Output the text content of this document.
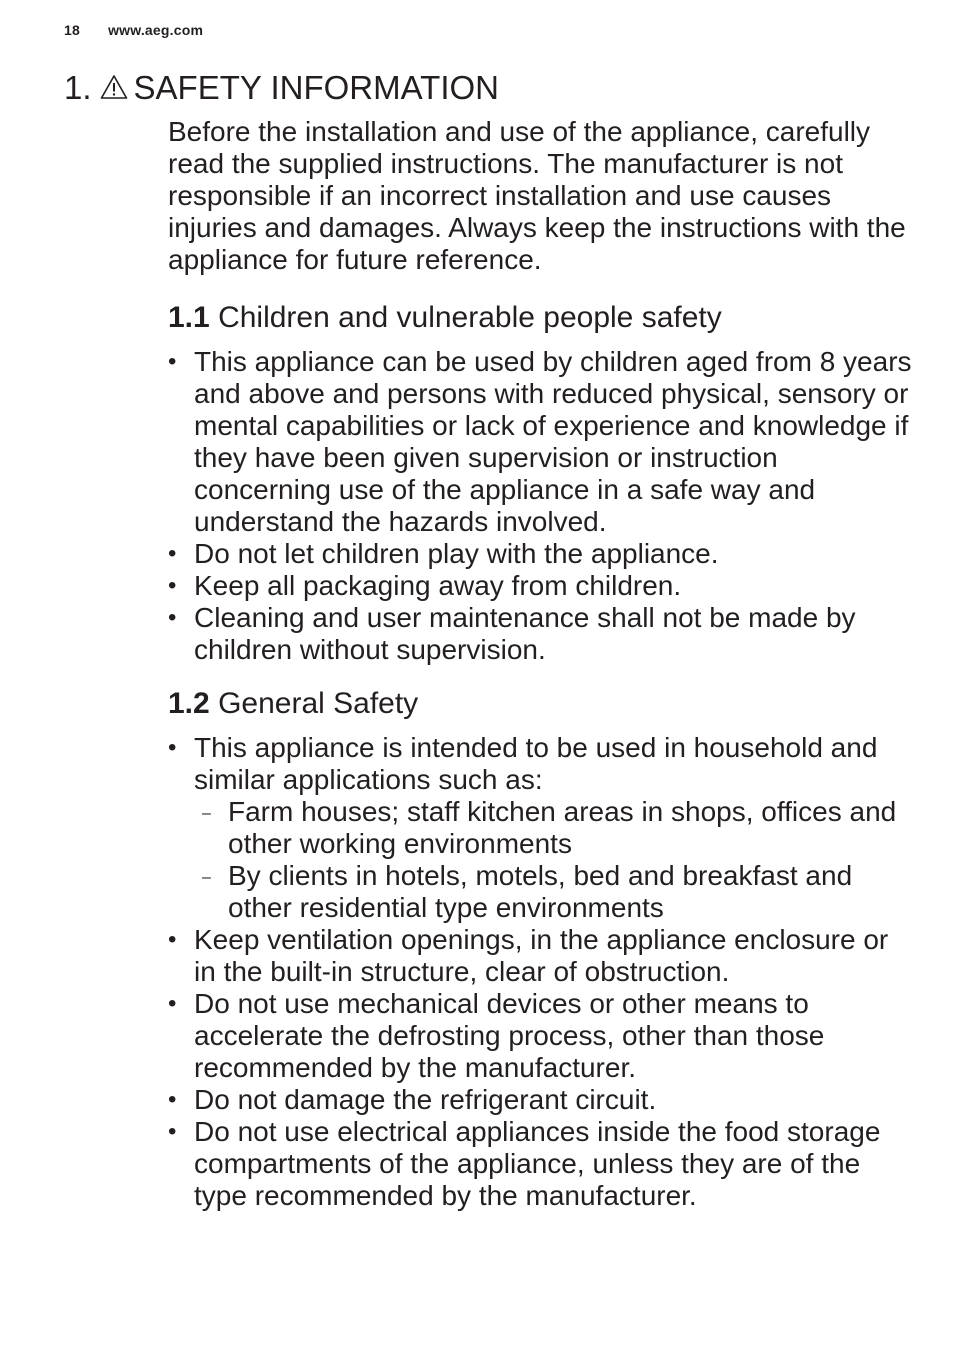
18 www.aeg.com
1. SAFETY INFORMATION

Before the installation and use of the appliance, carefully read the supplied instructions. The manufacturer is not responsible if an incorrect installation and use causes injuries and damages. Always keep the instructions with the appliance for future reference.

1.1 Children and vulnerable people safety
• This appliance can be used by children aged from 8 years and above and persons with reduced physical, sensory or mental capabilities or lack of experience and knowledge if they have been given supervision or instruction concerning use of the appliance in a safe way and understand the hazards involved.
• Do not let children play with the appliance.
• Keep all packaging away from children.
• Cleaning and user maintenance shall not be made by children without supervision.
1.2 General Safety
• This appliance is intended to be used in household and similar applications such as:
– Farm houses; staff kitchen areas in shops, offices and other working environments
– By clients in hotels, motels, bed and breakfast and other residential type environments
• Keep ventilation openings, in the appliance enclosure or in the built-in structure, clear of obstruction.
• Do not use mechanical devices or other means to accelerate the defrosting process, other than those recommended by the manufacturer.
• Do not damage the refrigerant circuit.
• Do not use electrical appliances inside the food storage compartments of the appliance, unless they are of the type recommended by the manufacturer.
